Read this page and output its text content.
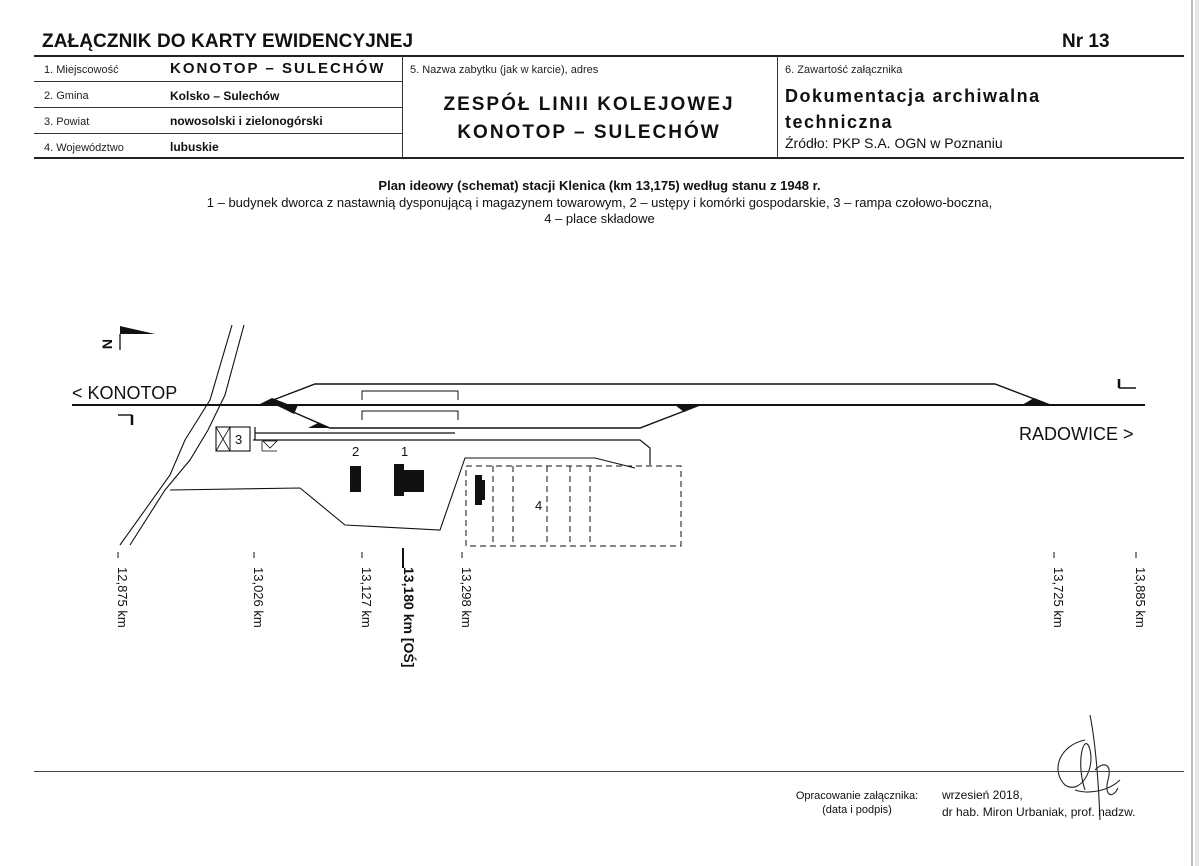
ZAŁĄCZNIK DO KARTY EWIDENCYJNEJ	Nr 13
1. Miejscowość	KONOTOP – SULECHÓW
2. Gmina	Kolsko – Sulechów
3. Powiat	nowosolski i zielonogórski
4. Województwo	lubuskie
5. Nazwa zabytku (jak w karcie), adres
ZESPÓŁ LINII KOLEJOWEJ
KONOTOP – SULECHÓW
6. Zawartość załącznika
Dokumentacja archiwalna
techniczna
Źródło: PKP S.A. OGN w Poznaniu
Plan ideowy (schemat) stacji Klenica (km 13,175) według stanu z 1948 r.
1 – budynek dworca z nastawnią dysponującą i magazynem towarowym, 2 – ustępy i komórki gospodarskie, 3 – rampa czołowo-boczna,
4 – place składowe
N
< KONOTOP
RADOWICE >
1
2
3
4
12,875 km	13,026 km	13,127 km 13,180 km [OŚ]	13,298 km	13,725 km	13,885 km
Opracowanie załącznika:
(data i podpis)
wrzesień 2018,
dr hab. Miron Urbaniak, prof. nadzw.
